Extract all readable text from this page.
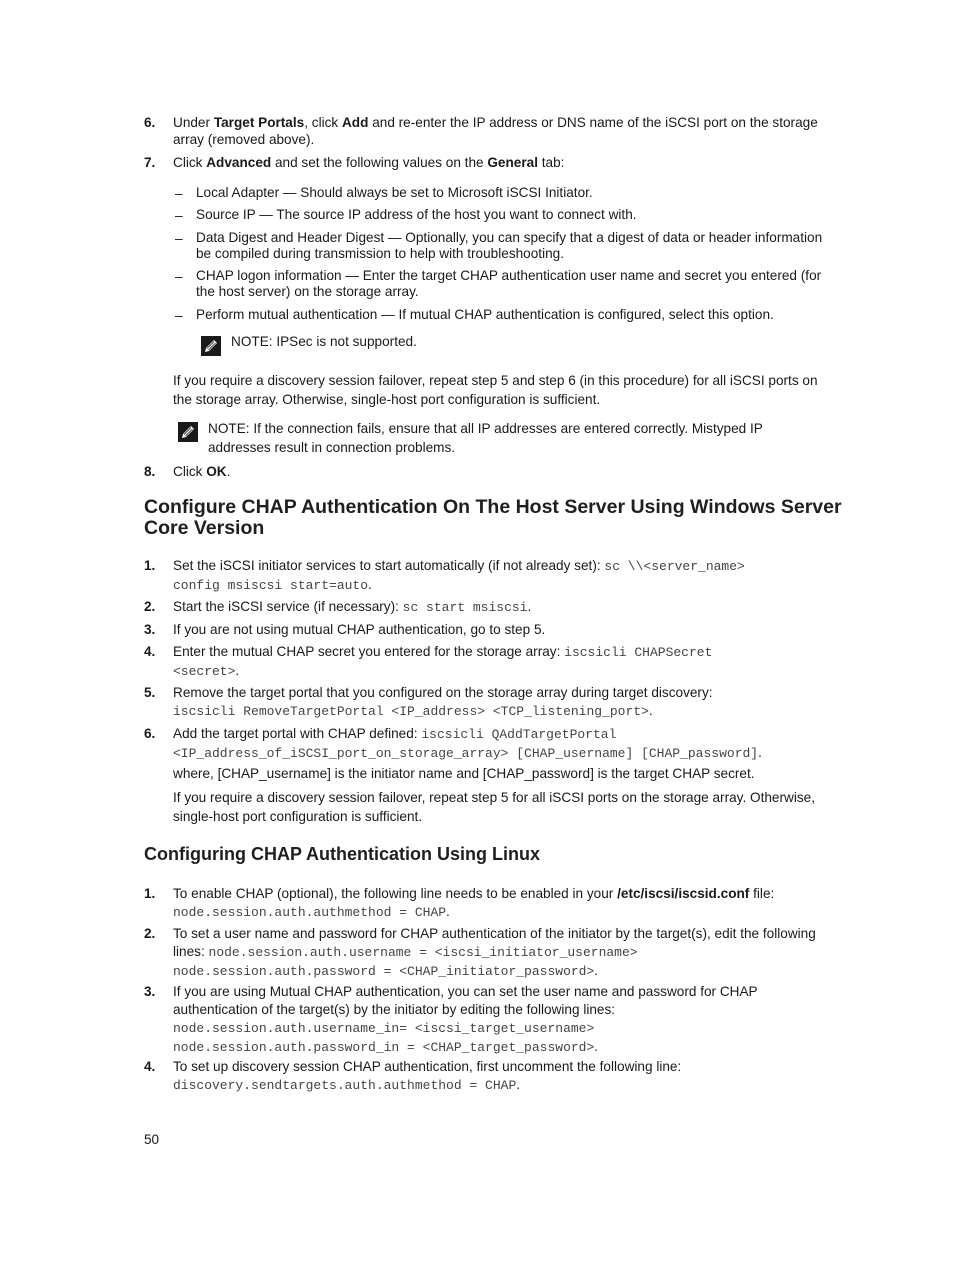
6. Under Target Portals, click Add and re-enter the IP address or DNS name of the iSCSI port on the storage array (removed above).
7. Click Advanced and set the following values on the General tab:
– Local Adapter — Should always be set to Microsoft iSCSI Initiator.
– Source IP — The source IP address of the host you want to connect with.
– Data Digest and Header Digest — Optionally, you can specify that a digest of data or header information be compiled during transmission to help with troubleshooting.
– CHAP logon information — Enter the target CHAP authentication user name and secret you entered (for the host server) on the storage array.
– Perform mutual authentication — If mutual CHAP authentication is configured, select this option.
NOTE: IPSec is not supported.
If you require a discovery session failover, repeat step 5 and step 6 (in this procedure) for all iSCSI ports on the storage array. Otherwise, single-host port configuration is sufficient.
NOTE: If the connection fails, ensure that all IP addresses are entered correctly. Mistyped IP addresses result in connection problems.
8. Click OK.
Configure CHAP Authentication On The Host Server Using Windows Server Core Version
1. Set the iSCSI initiator services to start automatically (if not already set): sc \\<server_name>
config msiscsi start=auto.
2. Start the iSCSI service (if necessary): sc start msiscsi.
3. If you are not using mutual CHAP authentication, go to step 5.
4. Enter the mutual CHAP secret you entered for the storage array: iscsicli CHAPSecret
<secret>.
5. Remove the target portal that you configured on the storage array during target discovery:
iscsicli RemoveTargetPortal <IP_address> <TCP_listening_port>.
6. Add the target portal with CHAP defined: iscsicli QAddTargetPortal
<IP_address_of_iSCSI_port_on_storage_array> [CHAP_username] [CHAP_password].
where, [CHAP_username] is the initiator name and [CHAP_password] is the target CHAP secret.
If you require a discovery session failover, repeat step 5 for all iSCSI ports on the storage array. Otherwise, single-host port configuration is sufficient.
Configuring CHAP Authentication Using Linux
1. To enable CHAP (optional), the following line needs to be enabled in your /etc/iscsi/iscsid.conf file:
node.session.auth.authmethod = CHAP.
2. To set a user name and password for CHAP authentication of the initiator by the target(s), edit the following lines: node.session.auth.username = <iscsi_initiator_username>
node.session.auth.password = <CHAP_initiator_password>.
3. If you are using Mutual CHAP authentication, you can set the user name and password for CHAP authentication of the target(s) by the initiator by editing the following lines:
node.session.auth.username_in= <iscsi_target_username>
node.session.auth.password_in = <CHAP_target_password>.
4. To set up discovery session CHAP authentication, first uncomment the following line:
discovery.sendtargets.auth.authmethod = CHAP.
50
